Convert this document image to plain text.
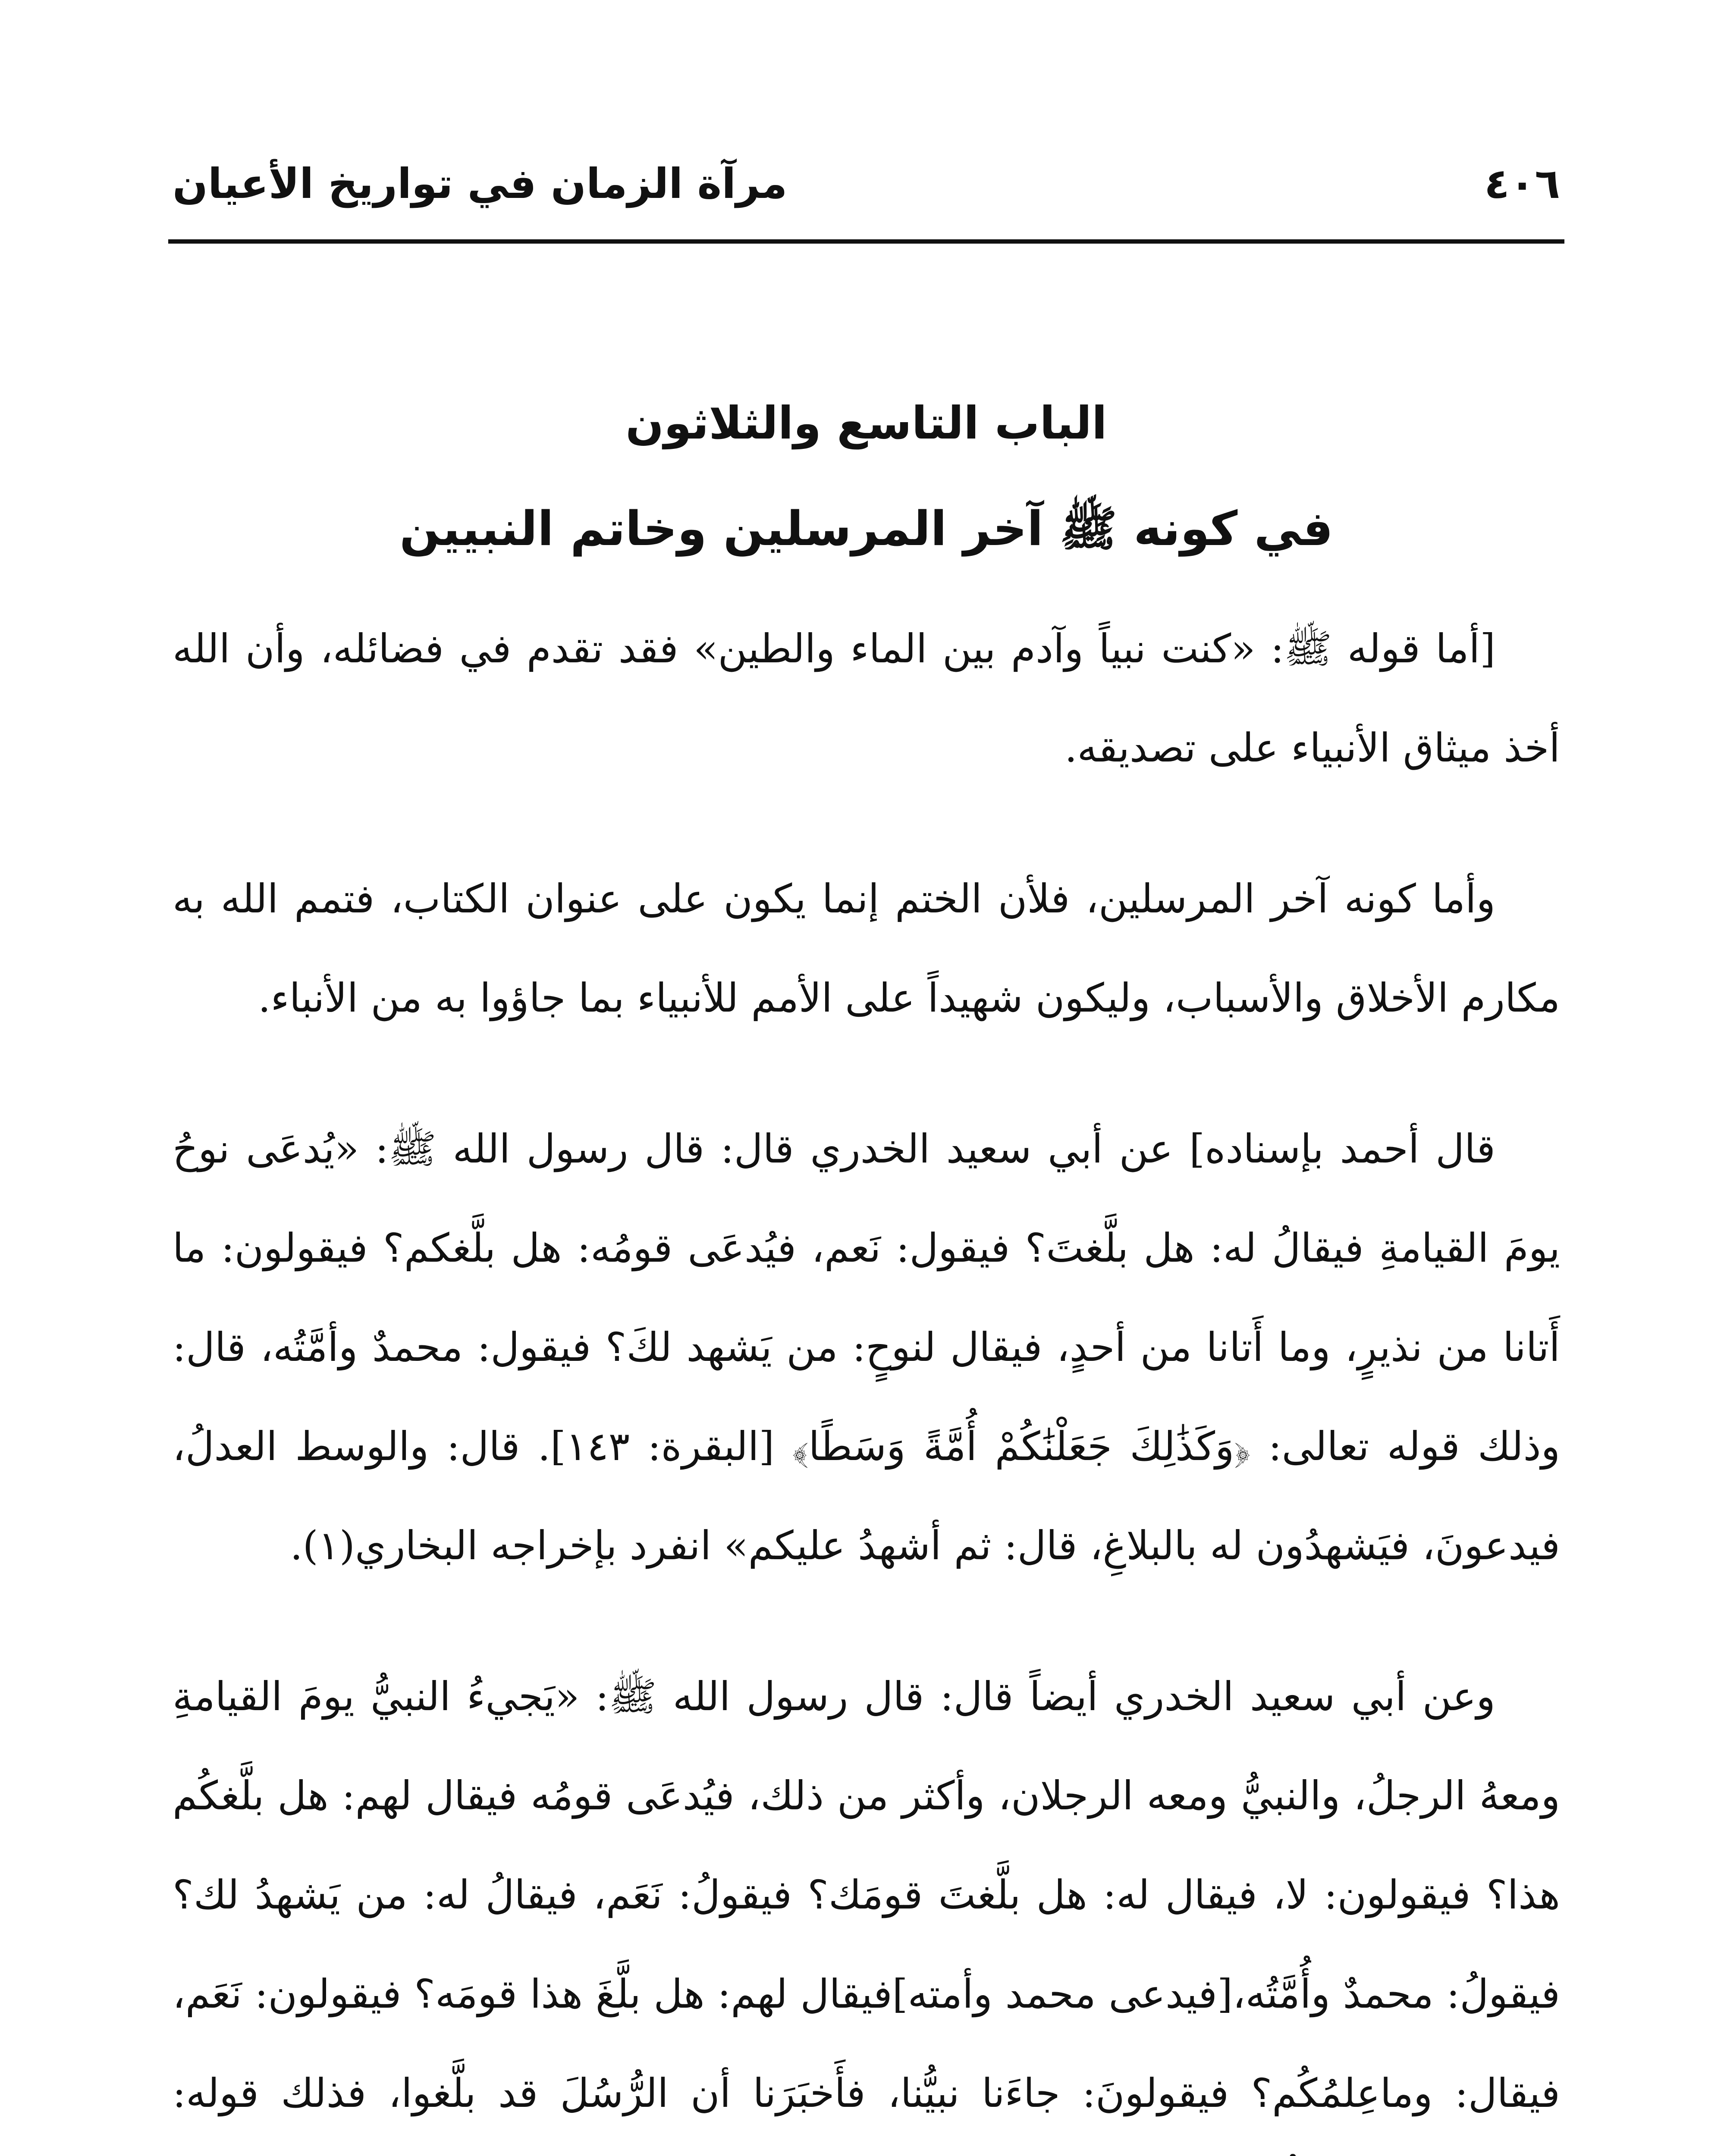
٤٠٦
مرآة الزمان في تواريخ الأعيان
الباب التاسع والثلاثون
في كونه ﷺ آخر المرسلين وخاتم النبيين

[أما قوله ﷺ: «كنت نبياً وآدم بين الماء والطين» فقد تقدم في فضائله، وأن الله أخذ ميثاق الأنبياء على تصديقه.

وأما كونه آخر المرسلين، فلأن الختم إنما يكون على عنوان الكتاب، فتمم الله به مكارم الأخلاق والأسباب، وليكون شهيداً على الأمم للأنبياء بما جاؤوا به من الأنباء.

قال أحمد بإسناده] عن أبي سعيد الخدري قال: قال رسول الله ﷺ: «يُدعَى نوحُ يومَ القيامةِ فيقالُ له: هل بلَّغتَ؟ فيقول: نَعم، فيُدعَى قومُه: هل بلَّغكم؟ فيقولون: ما أَتانا من نذيرٍ، وما أَتانا من أحدٍ، فيقال لنوحٍ: من يَشهد لكَ؟ فيقول: محمدٌ وأمَّتُه، قال: وذلك قوله تعالى: ﴿وَكَذَٰلِكَ جَعَلْنَٰكُمْ أُمَّةً وَسَطًا﴾ [البقرة: ١٤٣]. قال: والوسط العدلُ، فيدعونَ، فيَشهدُون له بالبلاغِ، قال: ثم أشهدُ عليكم» انفرد بإخراجه البخاري(١).

وعن أبي سعيد الخدري أيضاً قال: قال رسول الله ﷺ: «يَجيءُ النبيُّ يومَ القيامةِ ومعهُ الرجلُ، والنبيُّ ومعه الرجلان، وأكثر من ذلك، فيُدعَى قومُه فيقال لهم: هل بلَّغكُم هذا؟ فيقولون: لا، فيقال له: هل بلَّغتَ قومَك؟ فيقولُ: نَعَم، فيقالُ له: من يَشهدُ لك؟ فيقولُ: محمدٌ وأُمَّتُه،[فيدعى محمد وأمته]فيقال لهم: هل بلَّغَ هذا قومَه؟ فيقولون: نَعَم، فيقال: وماعِلمُكُم؟ فيقولونَ: جاءَنا نبيُّنا، فأَخبَرَنا أن الرُّسُلَ قد بلَّغوا، فذلك قوله:
